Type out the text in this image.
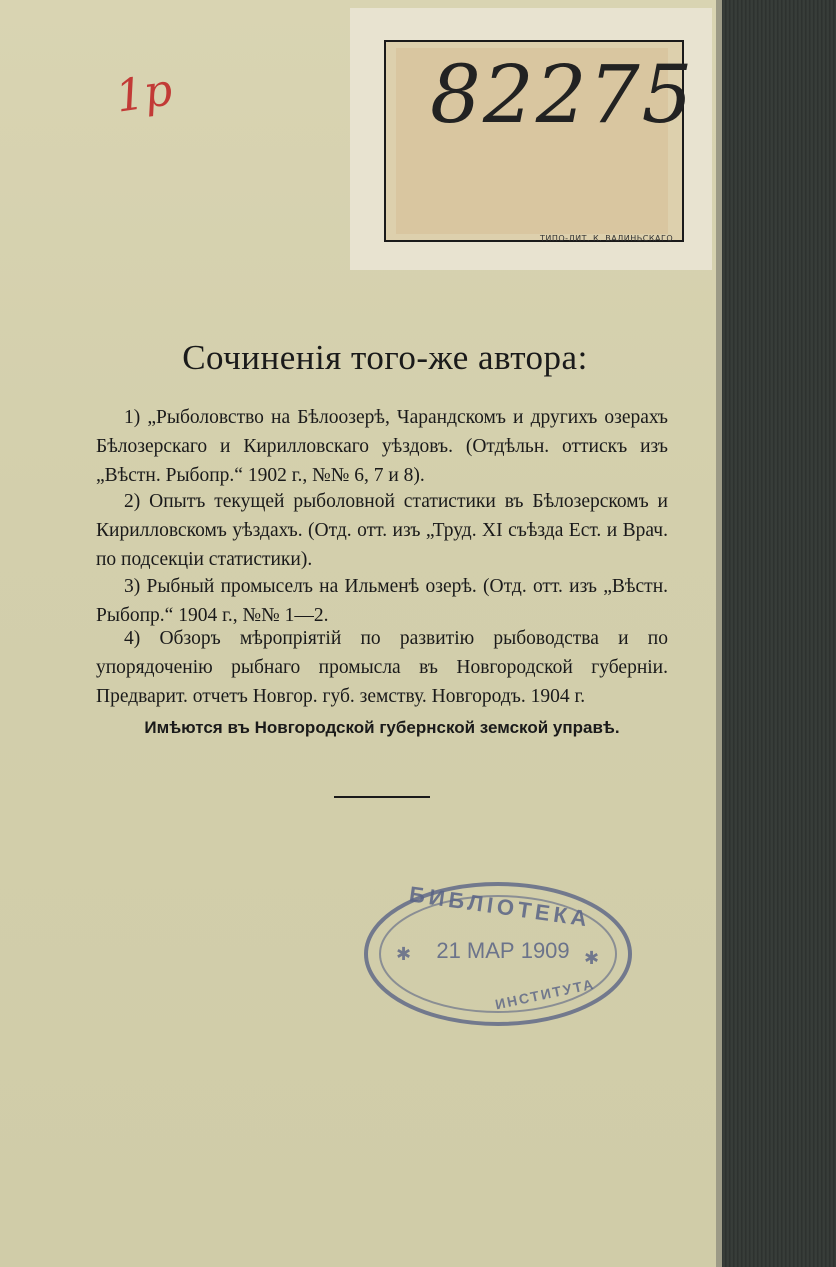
82275
ТИПО-ЛИТ. К. ВАЛИНЬСКАГО
1р
Сочиненія того-же автора:
1) „Рыболовство на Бѣлоозерѣ, Чарандскомъ и другихъ озерахъ Бѣлозерскаго и Кирилловскаго уѣздовъ. (Отдѣльн. оттискъ изъ „Вѣстн. Рыбопр.“ 1902 г., №№ 6, 7 и 8).
2) Опытъ текущей рыболовной статистики въ Бѣлозерскомъ и Кирилловскомъ уѣздахъ. (Отд. отт. изъ „Труд. XI съѣзда Ест. и Врач. по подсекціи статистики).
3) Рыбный промыселъ на Ильменѣ озерѣ. (Отд. отт. изъ „Вѣстн. Рыбопр.“ 1904 г., №№ 1—2.
4) Обзоръ мѣропріятій по развитію рыбоводства и по упорядоченію рыбнаго промысла въ Новгородской губерніи. Предварит. отчетъ Новгор. губ. земству. Новгородъ. 1904 г.
Имѣются въ Новгородской губернской земской управѣ.
✱	✱
БИБЛIОТЕКА
21 МАР 1909
ИНСТИТУТА
